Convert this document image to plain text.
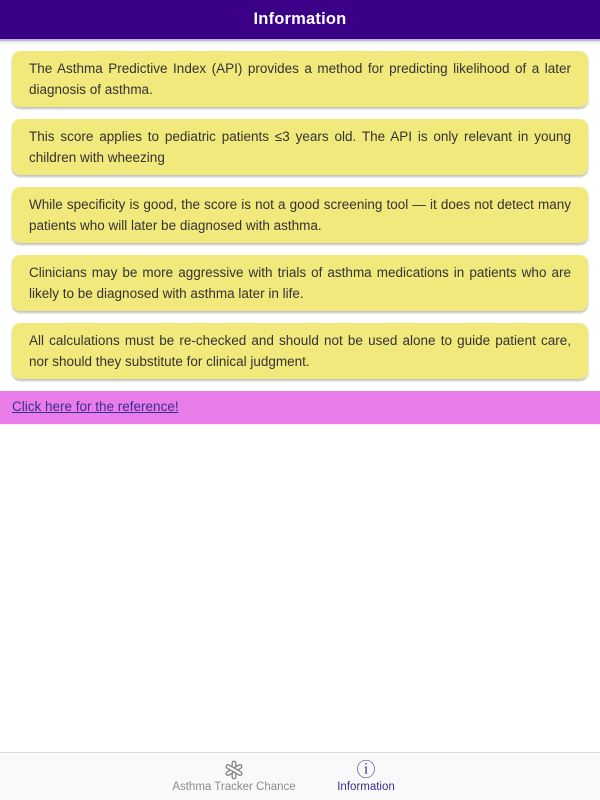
Information
The Asthma Predictive Index (API) provides a method for predicting likelihood of a later diagnosis of asthma.
This score applies to pediatric patients ≤3 years old. The API is only relevant in young children with wheezing
While specificity is good, the score is not a good screening tool — it does not detect many patients who will later be diagnosed with asthma.
Clinicians may be more aggressive with trials of asthma medications in patients who are likely to be diagnosed with asthma later in life.
All calculations must be re-checked and should not be used alone to guide patient care, nor should they substitute for clinical judgment.
Click here for the reference!
Asthma Tracker Chance
ⓘ
Information
